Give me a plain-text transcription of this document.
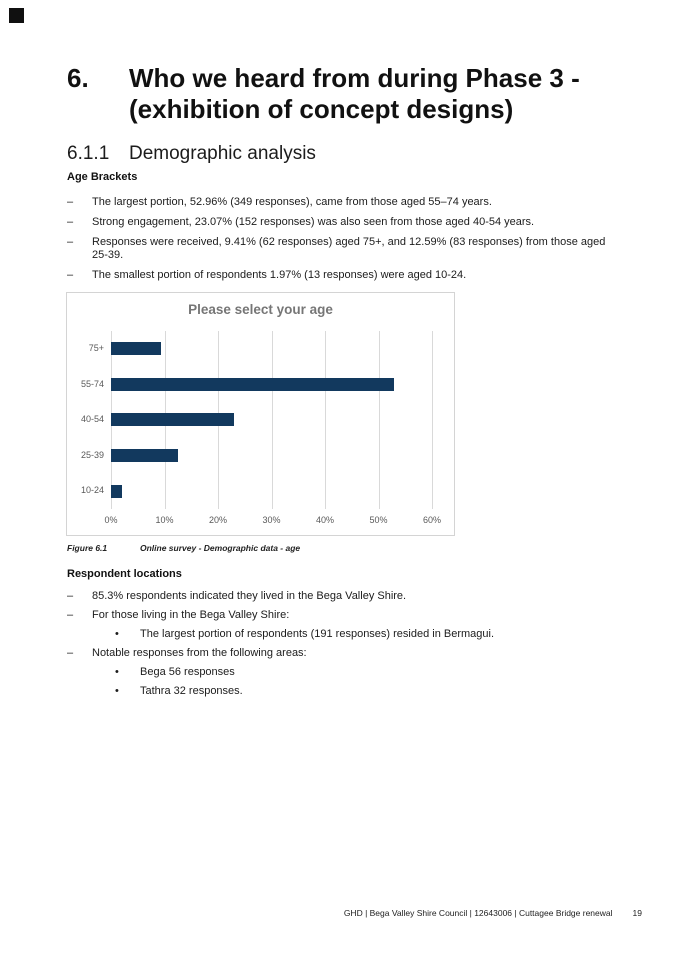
6. Who we heard from during Phase 3 -
(exhibition of concept designs)
6.1.1 Demographic analysis
Age Brackets
– The largest portion, 52.96% (349 responses), came from those aged 55–74 years.
– Strong engagement, 23.07% (152 responses) was also seen from those aged 40-54 years.
– Responses were received, 9.41% (62 responses) aged 75+, and 12.59% (83 responses) from those aged 25-39.
– The smallest portion of respondents 1.97% (13 responses) were aged 10-24.
Please select your age
75+
55-74
40-54
25-39
10-24
0%	10%	20%	30%	40%	50%	60%
Figure 6.1	Online survey - Demographic data - age
Respondent locations
– 85.3% respondents indicated they lived in the Bega Valley Shire.
– For those living in the Bega Valley Shire:
• The largest portion of respondents (191 responses) resided in Bermagui.
– Notable responses from the following areas:
• Bega 56 responses
• Tathra 32 responses.
GHD | Bega Valley Shire Council | 12643006 | Cuttagee Bridge renewal 19
